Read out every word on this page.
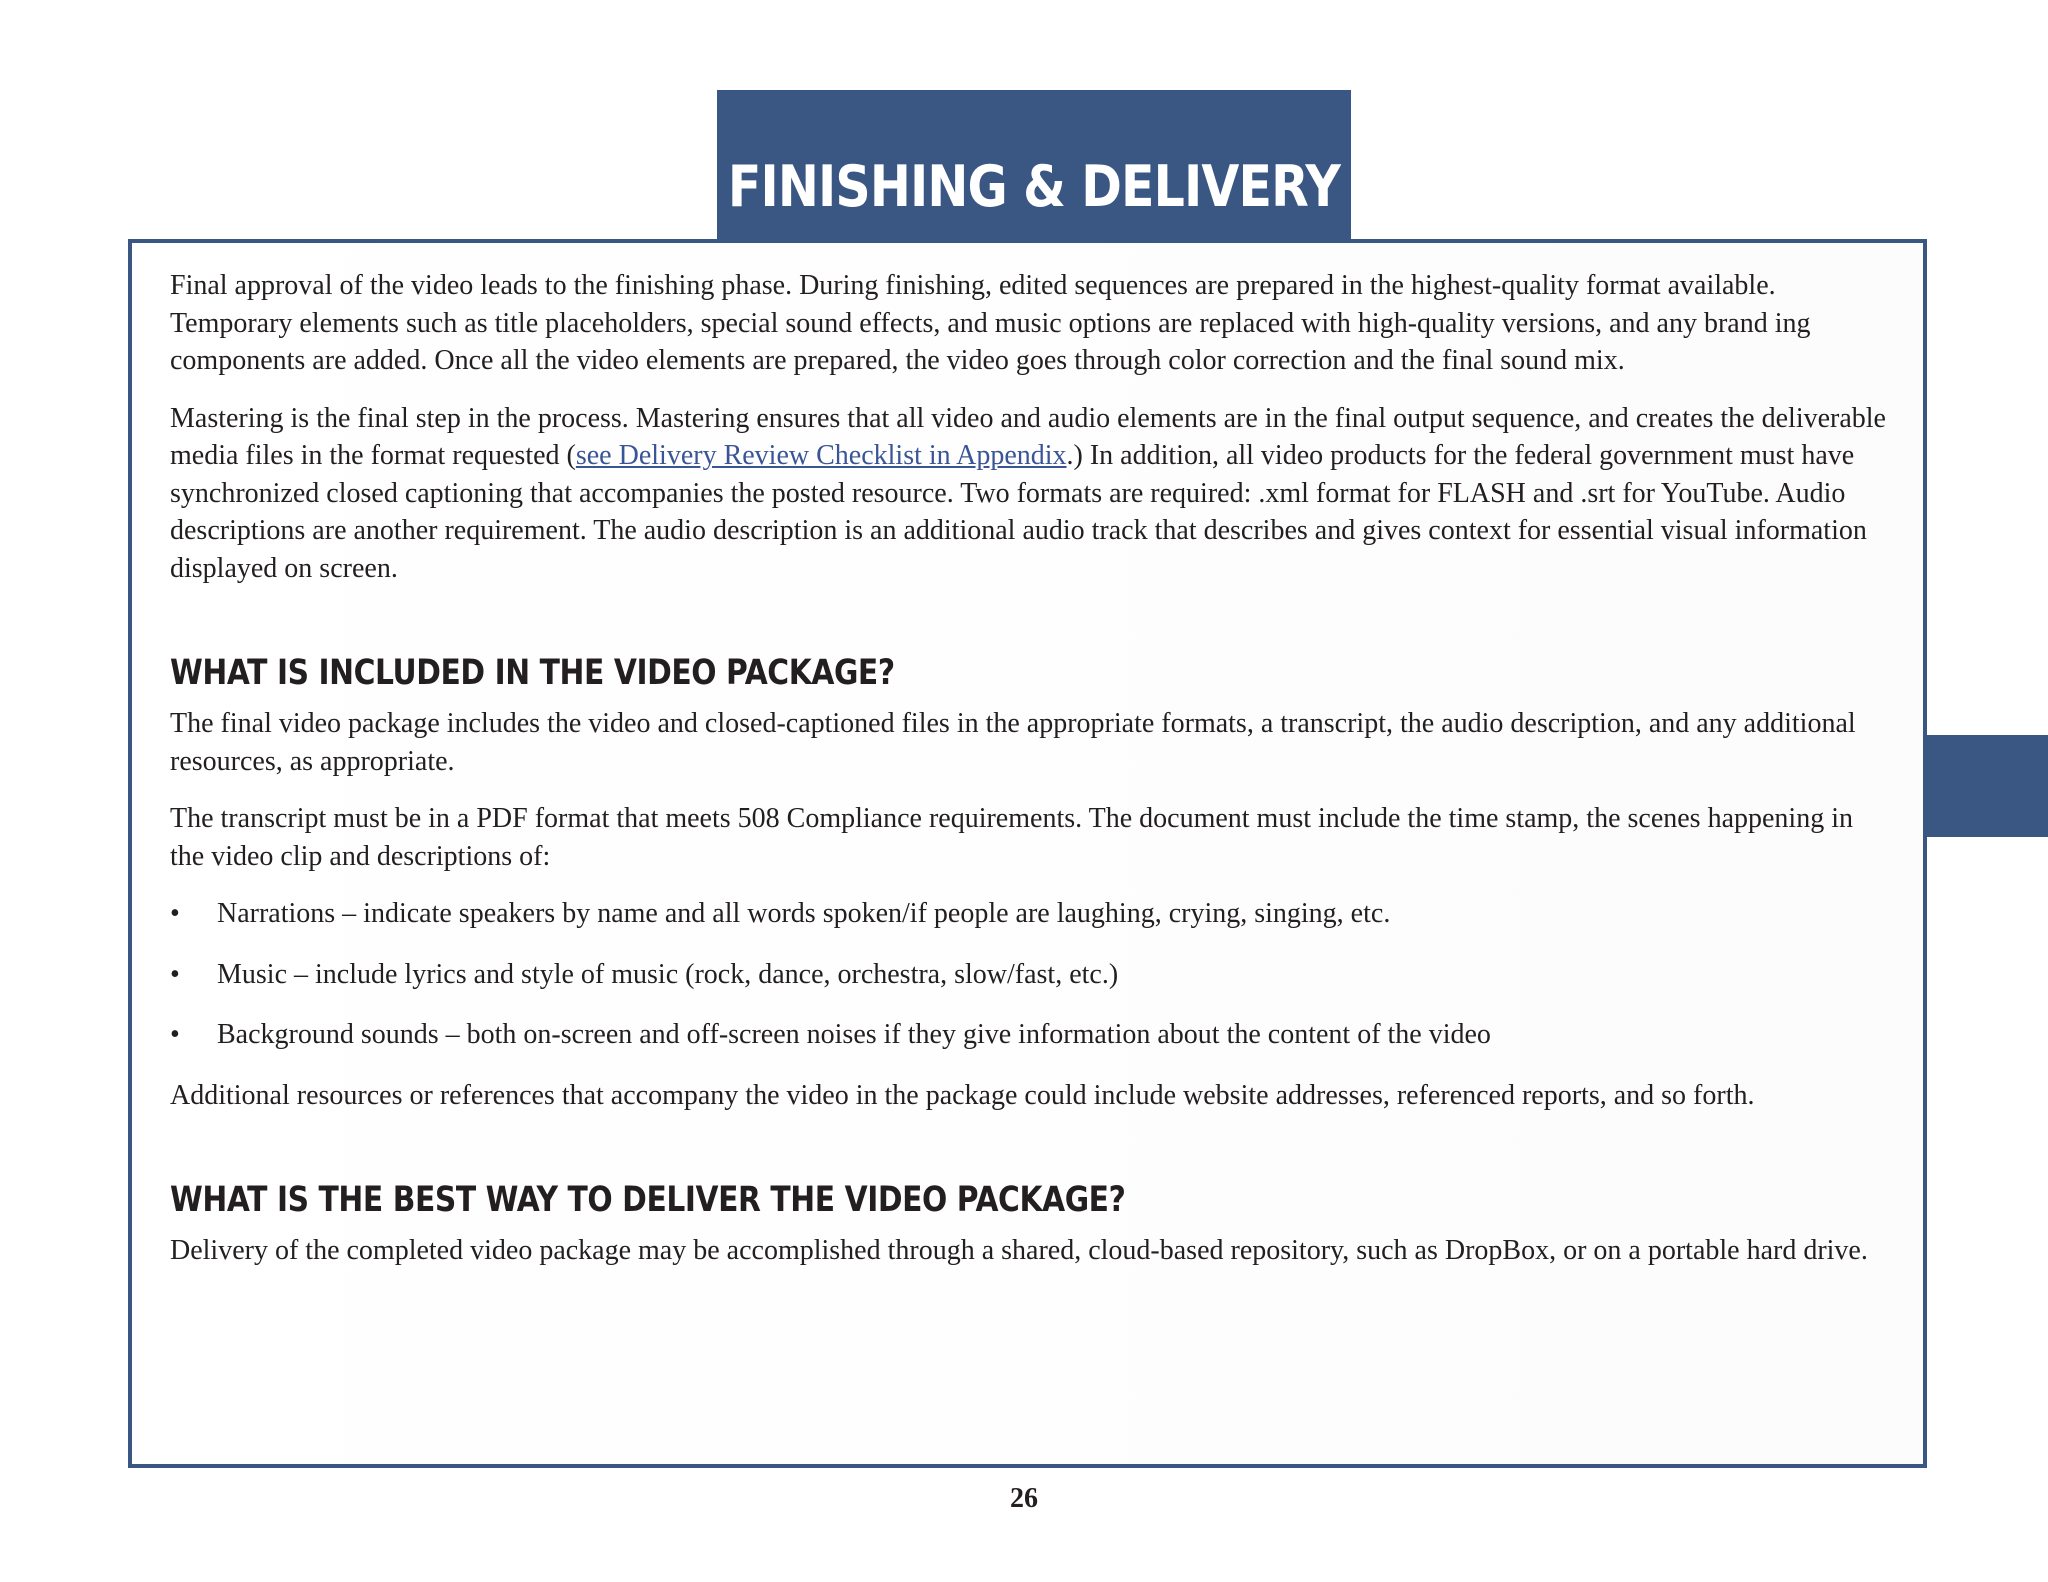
FINISHING & DELIVERY

Final approval of the video leads to the finishing phase. During finishing, edited sequences are prepared in the highest-quality format available. Temporary elements such as title placeholders, special sound effects, and music options are replaced with high-quality versions, and any brand ing components are added. Once all the video elements are prepared, the video goes through color correction and the final sound mix.

Mastering is the final step in the process. Mastering ensures that all video and audio elements are in the final output sequence, and creates the deliverable media files in the format requested (see Delivery Review Checklist in Appendix.) In addition, all video products for the federal government must have synchronized closed captioning that accompanies the posted resource. Two formats are required: .xml format for FLASH and .srt for YouTube. Audio descriptions are another requirement. The audio description is an additional audio track that describes and gives context for essential visual information displayed on screen.

WHAT IS INCLUDED IN THE VIDEO PACKAGE?

The final video package includes the video and closed-captioned files in the appropriate formats, a transcript, the audio description, and any additional resources, as appropriate.

The transcript must be in a PDF format that meets 508 Compliance requirements. The document must include the time stamp, the scenes happening in the video clip and descriptions of:

• Narrations – indicate speakers by name and all words spoken/if people are laughing, crying, singing, etc.
• Music – include lyrics and style of music (rock, dance, orchestra, slow/fast, etc.)
• Background sounds – both on-screen and off-screen noises if they give information about the content of the video

Additional resources or references that accompany the video in the package could include website addresses, referenced reports, and so forth.

WHAT IS THE BEST WAY TO DELIVER THE VIDEO PACKAGE?

Delivery of the completed video package may be accomplished through a shared, cloud-based repository, such as DropBox, or on a portable hard drive.

26
